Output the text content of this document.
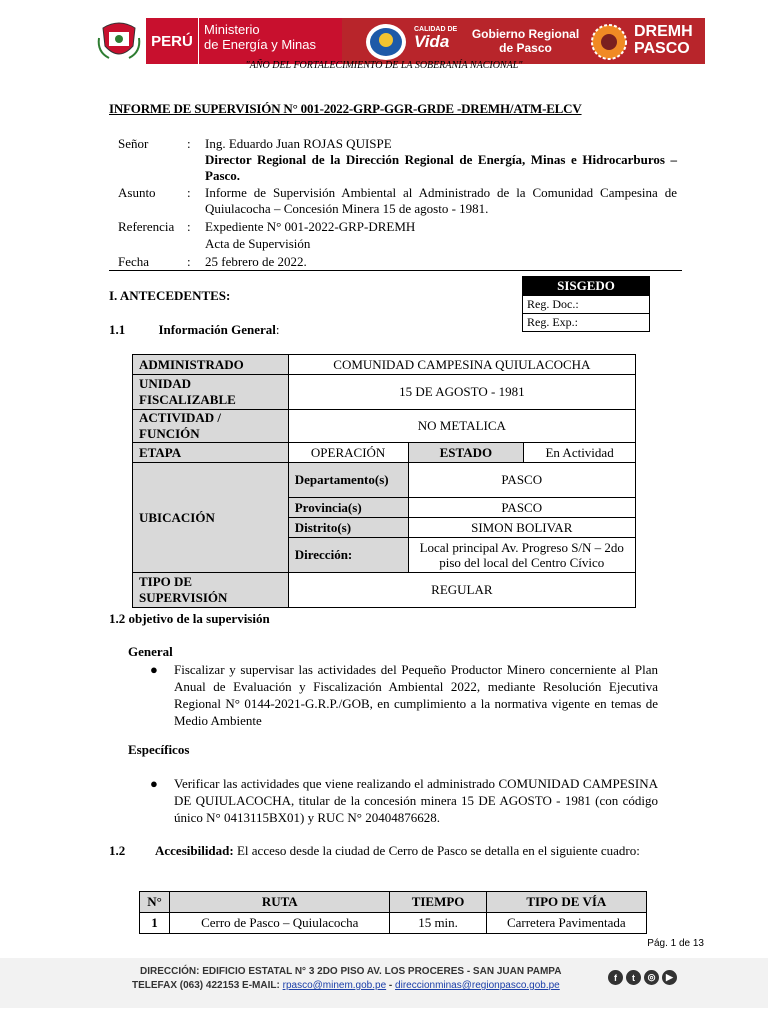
PERÚ
Ministerio
de Energía y Minas
CALIDAD DE
Vida	Gobierno Regional
de Pasco
DREMH
PASCO
"AÑO DEL FORTALECIMIENTO DE LA SOBERANÍA NACIONAL"
INFORME DE SUPERVISIÓN N° 001-2022-GRP-GGR-GRDE -DREMH/ATM-ELCV
Señor	: Ing. Eduardo Juan ROJAS QUISPE
Director Regional de la Dirección Regional de Energía, Minas e Hidrocarburos – Pasco.
Asunto : Informe de Supervisión Ambiental al Administrado de la Comunidad Campesina de Quiulacocha – Concesión Minera 15 de agosto - 1981.
Referencia : Expediente N° 001-2022-GRP-DREMH
Acta de Supervisión
Fecha	: 25 febrero de 2022.
SISGEDO
Reg. Doc.:
Reg. Exp.:
I. ANTECEDENTES:
1.1	Información General:
ADMINISTRADO	COMUNIDAD CAMPESINA QUIULACOCHA		
UNIDAD FISCALIZABLE	15 DE AGOSTO - 1981		
ACTIVIDAD / FUNCIÓN	NO METALICA		
ETAPA	OPERACIÓN	ESTADO	En Actividad
UBICACIÓN	Departamento(s)	PASCO	
	Provincia(s)	PASCO	
	Distrito(s)	SIMON BOLIVAR	
	Dirección:	Local principal Av. Progreso S/N – 2do piso del local del Centro Cívico	
TIPO DE SUPERVISIÓN	REGULAR		
1.2 objetivo de la supervisión
General
● Fiscalizar y supervisar las actividades del Pequeño Productor Minero concerniente al Plan Anual de Evaluación y Fiscalización Ambiental 2022, mediante Resolución Ejecutiva Regional N° 0144-2021-G.R.P./GOB, en cumplimiento a la normativa vigente en temas de Medio Ambiente
Específicos
● Verificar las actividades que viene realizando el administrado COMUNIDAD CAMPESINA DE QUIULACOCHA, titular de la concesión minera 15 DE AGOSTO - 1981 (con código único N° 0413115BX01) y RUC N° 20404876628.
1.2 Accesibilidad: El acceso desde la ciudad de Cerro de Pasco se detalla en el siguiente cuadro:
N°	RUTA	TIEMPO	TIPO DE VÍA
1	Cerro de Pasco – Quiulacocha	15 min.	Carretera Pavimentada
Pág. 1 de 13
DIRECCIÓN: EDIFICIO ESTATAL N° 3 2DO PISO AV. LOS PROCERES - SAN JUAN PAMPA
TELEFAX (063) 422153 E-MAIL: rpasco@minem.gob.pe - direccionminas@regionpasco.gob.pe
f	t	◎	▶
